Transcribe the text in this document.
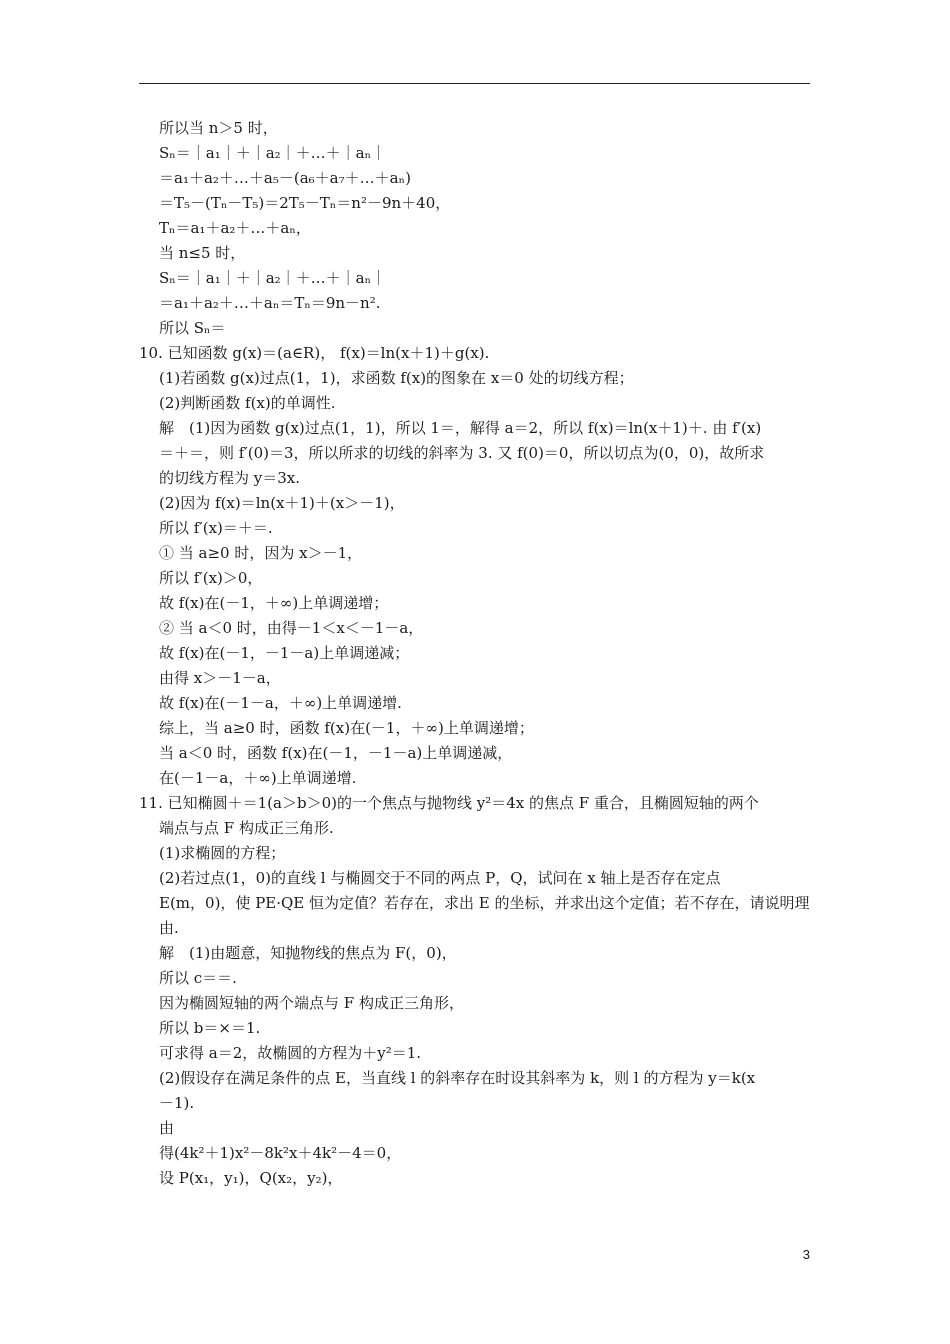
所以当 n＞5 时，
Sₙ＝｜a₁｜＋｜a₂｜＋…＋｜aₙ｜
＝a₁＋a₂＋…＋a₅－(a₆＋a₇＋…＋aₙ)
＝T₅－(Tₙ－T₅)＝2T₅－Tₙ＝n²－9n＋40，
Tₙ＝a₁＋a₂＋…＋aₙ，
当 n≤5 时，
Sₙ＝｜a₁｜＋｜a₂｜＋…＋｜aₙ｜
＝a₁＋a₂＋…＋aₙ＝Tₙ＝9n－n².
所以 Sₙ＝
10. 已知函数 g(x)＝(a∈R)， f(x)＝ln(x＋1)＋g(x).
(1)若函数 g(x)过点(1，1)，求函数 f(x)的图象在 x＝0 处的切线方程；
(2)判断函数 f(x)的单调性.
解　(1)因为函数 g(x)过点(1，1)，所以 1＝，解得 a＝2，所以 f(x)＝ln(x＋1)＋. 由 f′(x)
＝＋＝，则 f′(0)＝3，所以所求的切线的斜率为 3. 又 f(0)＝0，所以切点为(0，0)，故所求
的切线方程为 y＝3x.
(2)因为 f(x)＝ln(x＋1)＋(x＞－1)，
所以 f′(x)＝＋＝.
① 当 a≥0 时，因为 x＞－1，
所以 f′(x)＞0，
故 f(x)在(－1，＋∞)上单调递增；
② 当 a＜0 时，由得－1＜x＜－1－a，
故 f(x)在(－1，－1－a)上单调递减；
由得 x＞－1－a，
故 f(x)在(－1－a，＋∞)上单调递增.
综上，当 a≥0 时，函数 f(x)在(－1，＋∞)上单调递增；
当 a＜0 时，函数 f(x)在(－1，－1－a)上单调递减，
在(－1－a，＋∞)上单调递增.
11. 已知椭圆＋＝1(a＞b＞0)的一个焦点与抛物线 y²＝4x 的焦点 F 重合，且椭圆短轴的两个
端点与点 F 构成正三角形.
(1)求椭圆的方程；
(2)若过点(1，0)的直线 l 与椭圆交于不同的两点 P，Q，试问在 x 轴上是否存在定点
E(m，0)，使 PE·QE 恒为定值？若存在，求出 E 的坐标，并求出这个定值；若不存在，请说明理
由.
解　(1)由题意，知抛物线的焦点为 F(，0)，
所以 c＝＝.
因为椭圆短轴的两个端点与 F 构成正三角形，
所以 b＝×＝1.
可求得 a＝2，故椭圆的方程为＋y²＝1.
(2)假设存在满足条件的点 E，当直线 l 的斜率存在时设其斜率为 k，则 l 的方程为 y＝k(x
－1).
由
得(4k²＋1)x²－8k²x＋4k²－4＝0，
设 P(x₁，y₁)，Q(x₂，y₂)，
3
